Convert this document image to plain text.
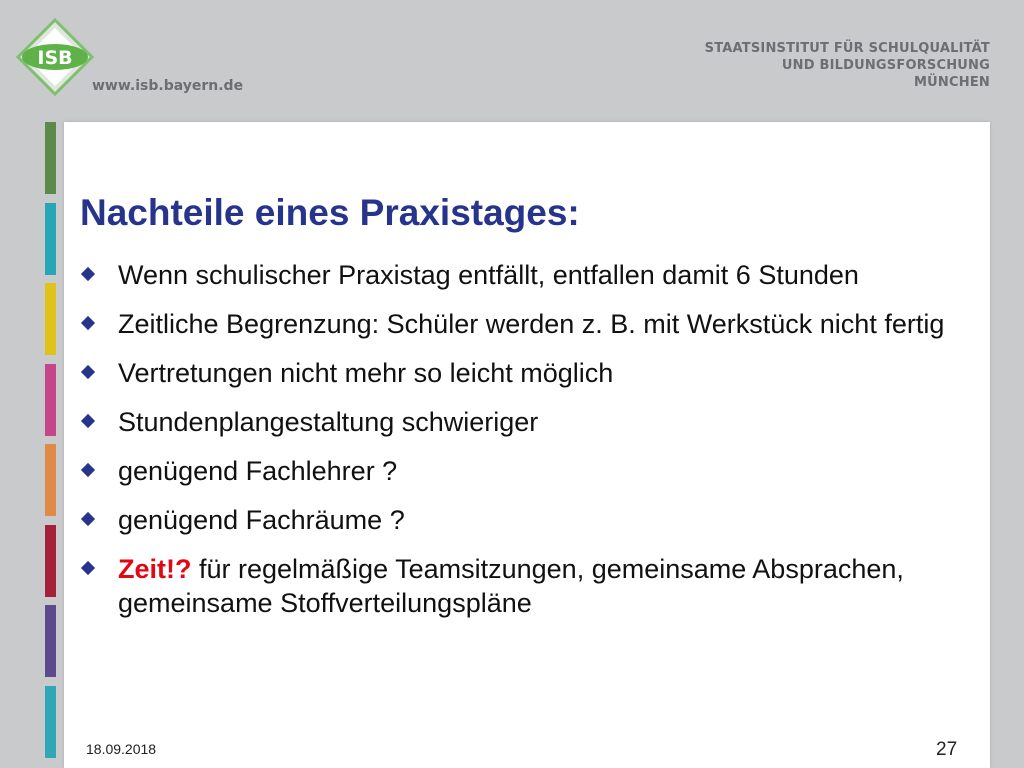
ISB
www.isb.bayern.de
STAATSINSTITUT FÜR SCHULQUALITÄT
UND BILDUNGSFORSCHUNG
MÜNCHEN
Nachteile eines Praxistages:
Wenn schulischer Praxistag entfällt, entfallen damit 6 Stunden
Zeitliche Begrenzung: Schüler werden z. B. mit Werkstück nicht fertig
Vertretungen nicht mehr so leicht möglich
Stundenplangestaltung schwieriger
genügend Fachlehrer ?
genügend Fachräume ?
Zeit!? für regelmäßige Teamsitzungen, gemeinsame Absprachen, gemeinsame Stoffverteilungspläne
18.09.2018	27
